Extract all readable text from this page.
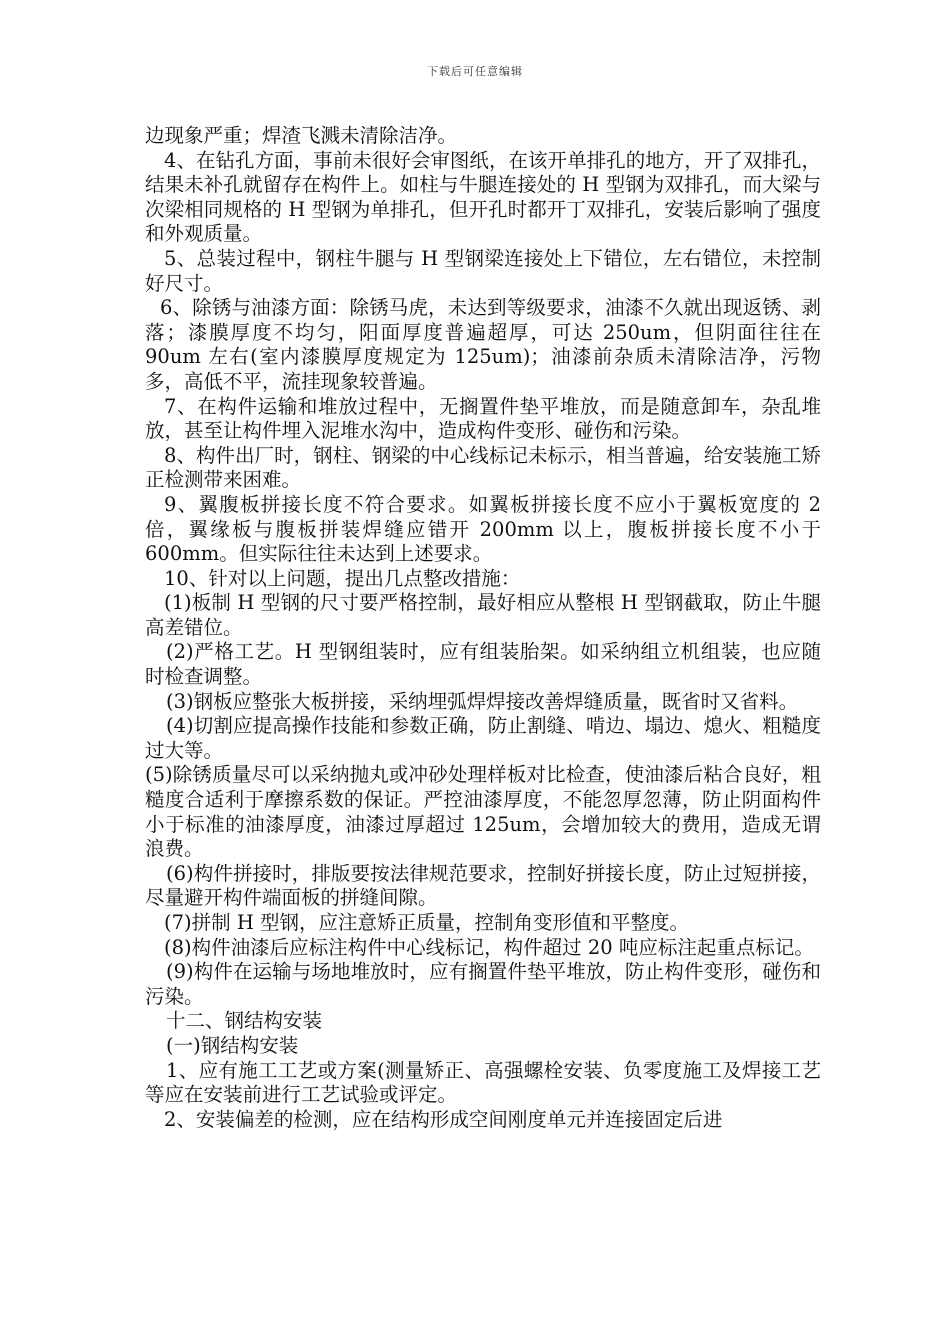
下载后可任意编辑

边现象严重；焊渣飞溅未清除洁净。

4、在钻孔方面，事前未很好会审图纸，在该开单排孔的地方，开了双排孔，结果未补孔就留存在构件上。如柱与牛腿连接处的 H 型钢为双排孔，而大梁与次梁相同规格的 H 型钢为单排孔，但开孔时都开丁双排孔，安装后影响了强度和外观质量。

5、总装过程中，钢柱牛腿与 H 型钢梁连接处上下错位，左右错位，未控制好尺寸。

6、除锈与油漆方面：除锈马虎，未达到等级要求，油漆不久就出现返锈、剥落；漆膜厚度不均匀，阳面厚度普遍超厚，可达 250um，但阴面往往在 90um 左右(室内漆膜厚度规定为 125um)；油漆前杂质未清除洁净，污物多，高低不平，流挂现象较普遍。

7、在构件运输和堆放过程中，无搁置件垫平堆放，而是随意卸车，杂乱堆放，甚至让构件埋入泥堆水沟中，造成构件变形、碰伤和污染。

8、构件出厂时，钢柱、钢梁的中心线标记未标示，相当普遍，给安装施工矫正检测带来困难。

9、翼腹板拼接长度不符合要求。如翼板拼接长度不应小于翼板宽度的 2 倍，翼缘板与腹板拼装焊缝应错开 200mm 以上，腹板拼接长度不小于 600mm。但实际往往未达到上述要求。

10、针对以上问题，提出几点整改措施：

(1)板制 H 型钢的尺寸要严格控制，最好相应从整根 H 型钢截取，防止牛腿高差错位。

(2)严格工艺。H 型钢组装时，应有组装胎架。如采纳组立机组装，也应随时检查调整。

(3)钢板应整张大板拼接，采纳埋弧焊焊接改善焊缝质量，既省时又省料。

(4)切割应提高操作技能和参数正确，防止割缝、啃边、塌边、熄火、粗糙度过大等。

(5)除锈质量尽可以采纳抛丸或冲砂处理样板对比检查，使油漆后粘合良好，粗糙度合适利于摩擦系数的保证。严控油漆厚度，不能忽厚忽薄，防止阴面构件小于标准的油漆厚度，油漆过厚超过 125um，会增加较大的费用，造成无谓浪费。

(6)构件拼接时，排版要按法律规范要求，控制好拼接长度，防止过短拼接，尽量避开构件端面板的拼缝间隙。

(7)拼制 H 型钢，应注意矫正质量，控制角变形值和平整度。

(8)构件油漆后应标注构件中心线标记，构件超过 20 吨应标注起重点标记。

(9)构件在运输与场地堆放时，应有搁置件垫平堆放，防止构件变形，碰伤和污染。

十二、钢结构安装

(一)钢结构安装

1、应有施工工艺或方案(测量矫正、高强螺栓安装、负零度施工及焊接工艺等应在安装前进行工艺试验或评定。

2、安装偏差的检测，应在结构形成空间刚度单元并连接固定后进
